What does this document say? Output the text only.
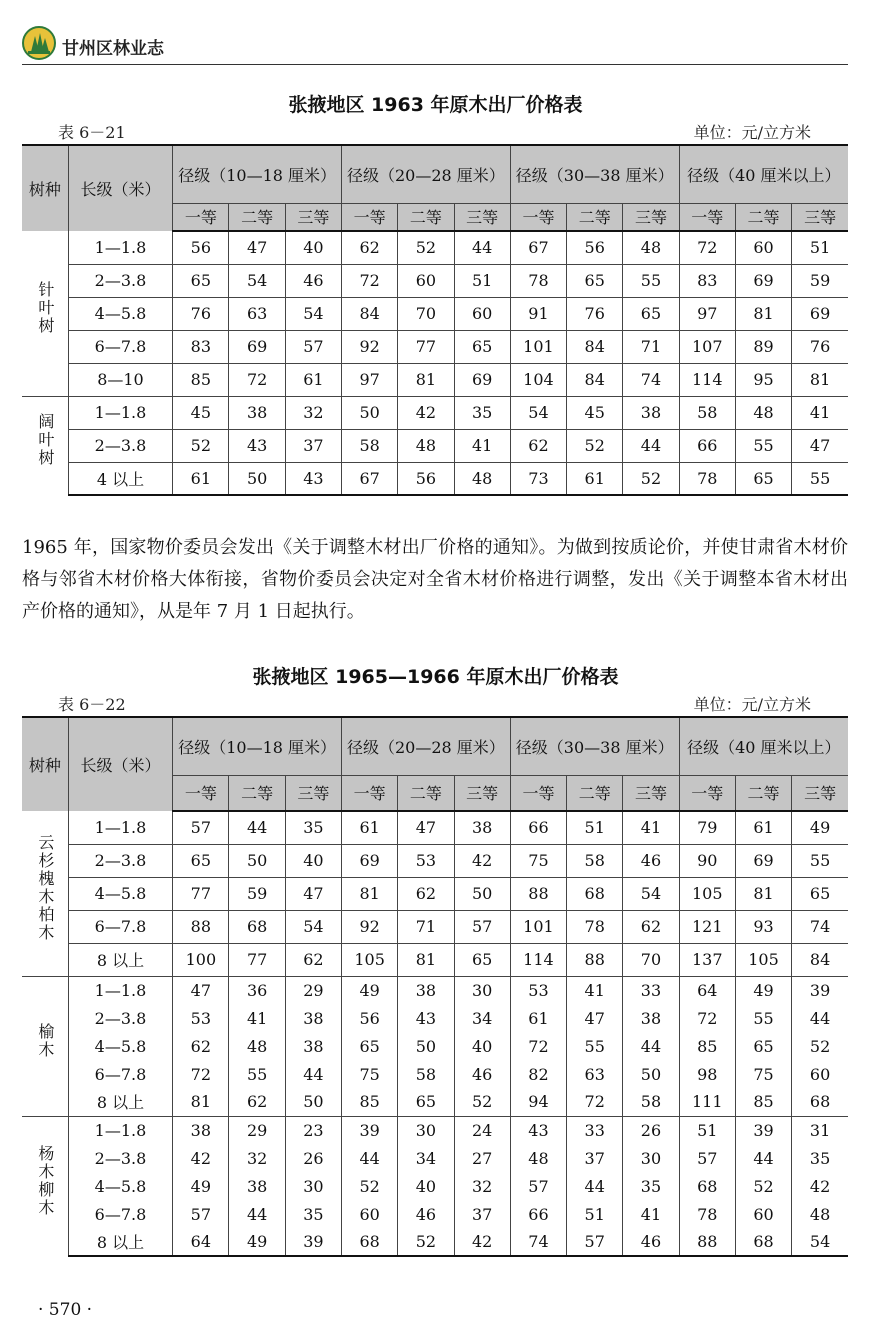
甘州区林业志
张掖地区 1963 年原木出厂价格表
表 6－21	单位：元/立方米
树种	长级（米）	径级（10—18 厘米）			径级（20—28 厘米）			径级（30—38 厘米）			径级（40 厘米以上）		

		一等	二等	三等	一等	二等	三等	一等	二等	三等	一等	二等	三等
针叶树	1—1.8	56	47	40	62	52	44	67	56	48	72	60	51
	2—3.8	65	54	46	72	60	51	78	65	55	83	69	59
	4—5.8	76	63	54	84	70	60	91	76	65	97	81	69
	6—7.8	83	69	57	92	77	65	101	84	71	107	89	76
	8—10	85	72	61	97	81	69	104	84	74	114	95	81
阔叶树	1—1.8	45	38	32	50	42	35	54	45	38	58	48	41
	2—3.8	52	43	37	58	48	41	62	52	44	66	55	47
	4 以上	61	50	43	67	56	48	73	61	52	78	65	55
1965 年，国家物价委员会发出《关于调整木材出厂价格的通知》。为做到按质论价，并使甘肃省木材价格与邻省木材价格大体衔接，省物价委员会决定对全省木材价格进行调整，发出《关于调整本省木材出产价格的通知》，从是年 7 月 1 日起执行。
张掖地区 1965—1966 年原木出厂价格表
表 6－22	单位：元/立方米
树种	长级（米）	径级（10—18 厘米）			径级（20—28 厘米）			径级（30—38 厘米）			径级（40 厘米以上）		

		一等	二等	三等	一等	二等	三等	一等	二等	三等	一等	二等	三等
云杉槐木柏木	1—1.8	57	44	35	61	47	38	66	51	41	79	61	49
	2—3.8	65	50	40	69	53	42	75	58	46	90	69	55
	4—5.8	77	59	47	81	62	50	88	68	54	105	81	65
	6—7.8	88	68	54	92	71	57	101	78	62	121	93	74
	8 以上	100	77	62	105	81	65	114	88	70	137	105	84
榆木	1—1.8	47	36	29	49	38	30	53	41	33	64	49	39
	2—3.8	53	41	38	56	43	34	61	47	38	72	55	44
	4—5.8	62	48	38	65	50	40	72	55	44	85	65	52
	6—7.8	72	55	44	75	58	46	82	63	50	98	75	60
	8 以上	81	62	50	85	65	52	94	72	58	111	85	68
杨木柳木	1—1.8	38	29	23	39	30	24	43	33	26	51	39	31
	2—3.8	42	32	26	44	34	27	48	37	30	57	44	35
	4—5.8	49	38	30	52	40	32	57	44	35	68	52	42
	6—7.8	57	44	35	60	46	37	66	51	41	78	60	48
	8 以上	64	49	39	68	52	42	74	57	46	88	68	54
· 570 ·
